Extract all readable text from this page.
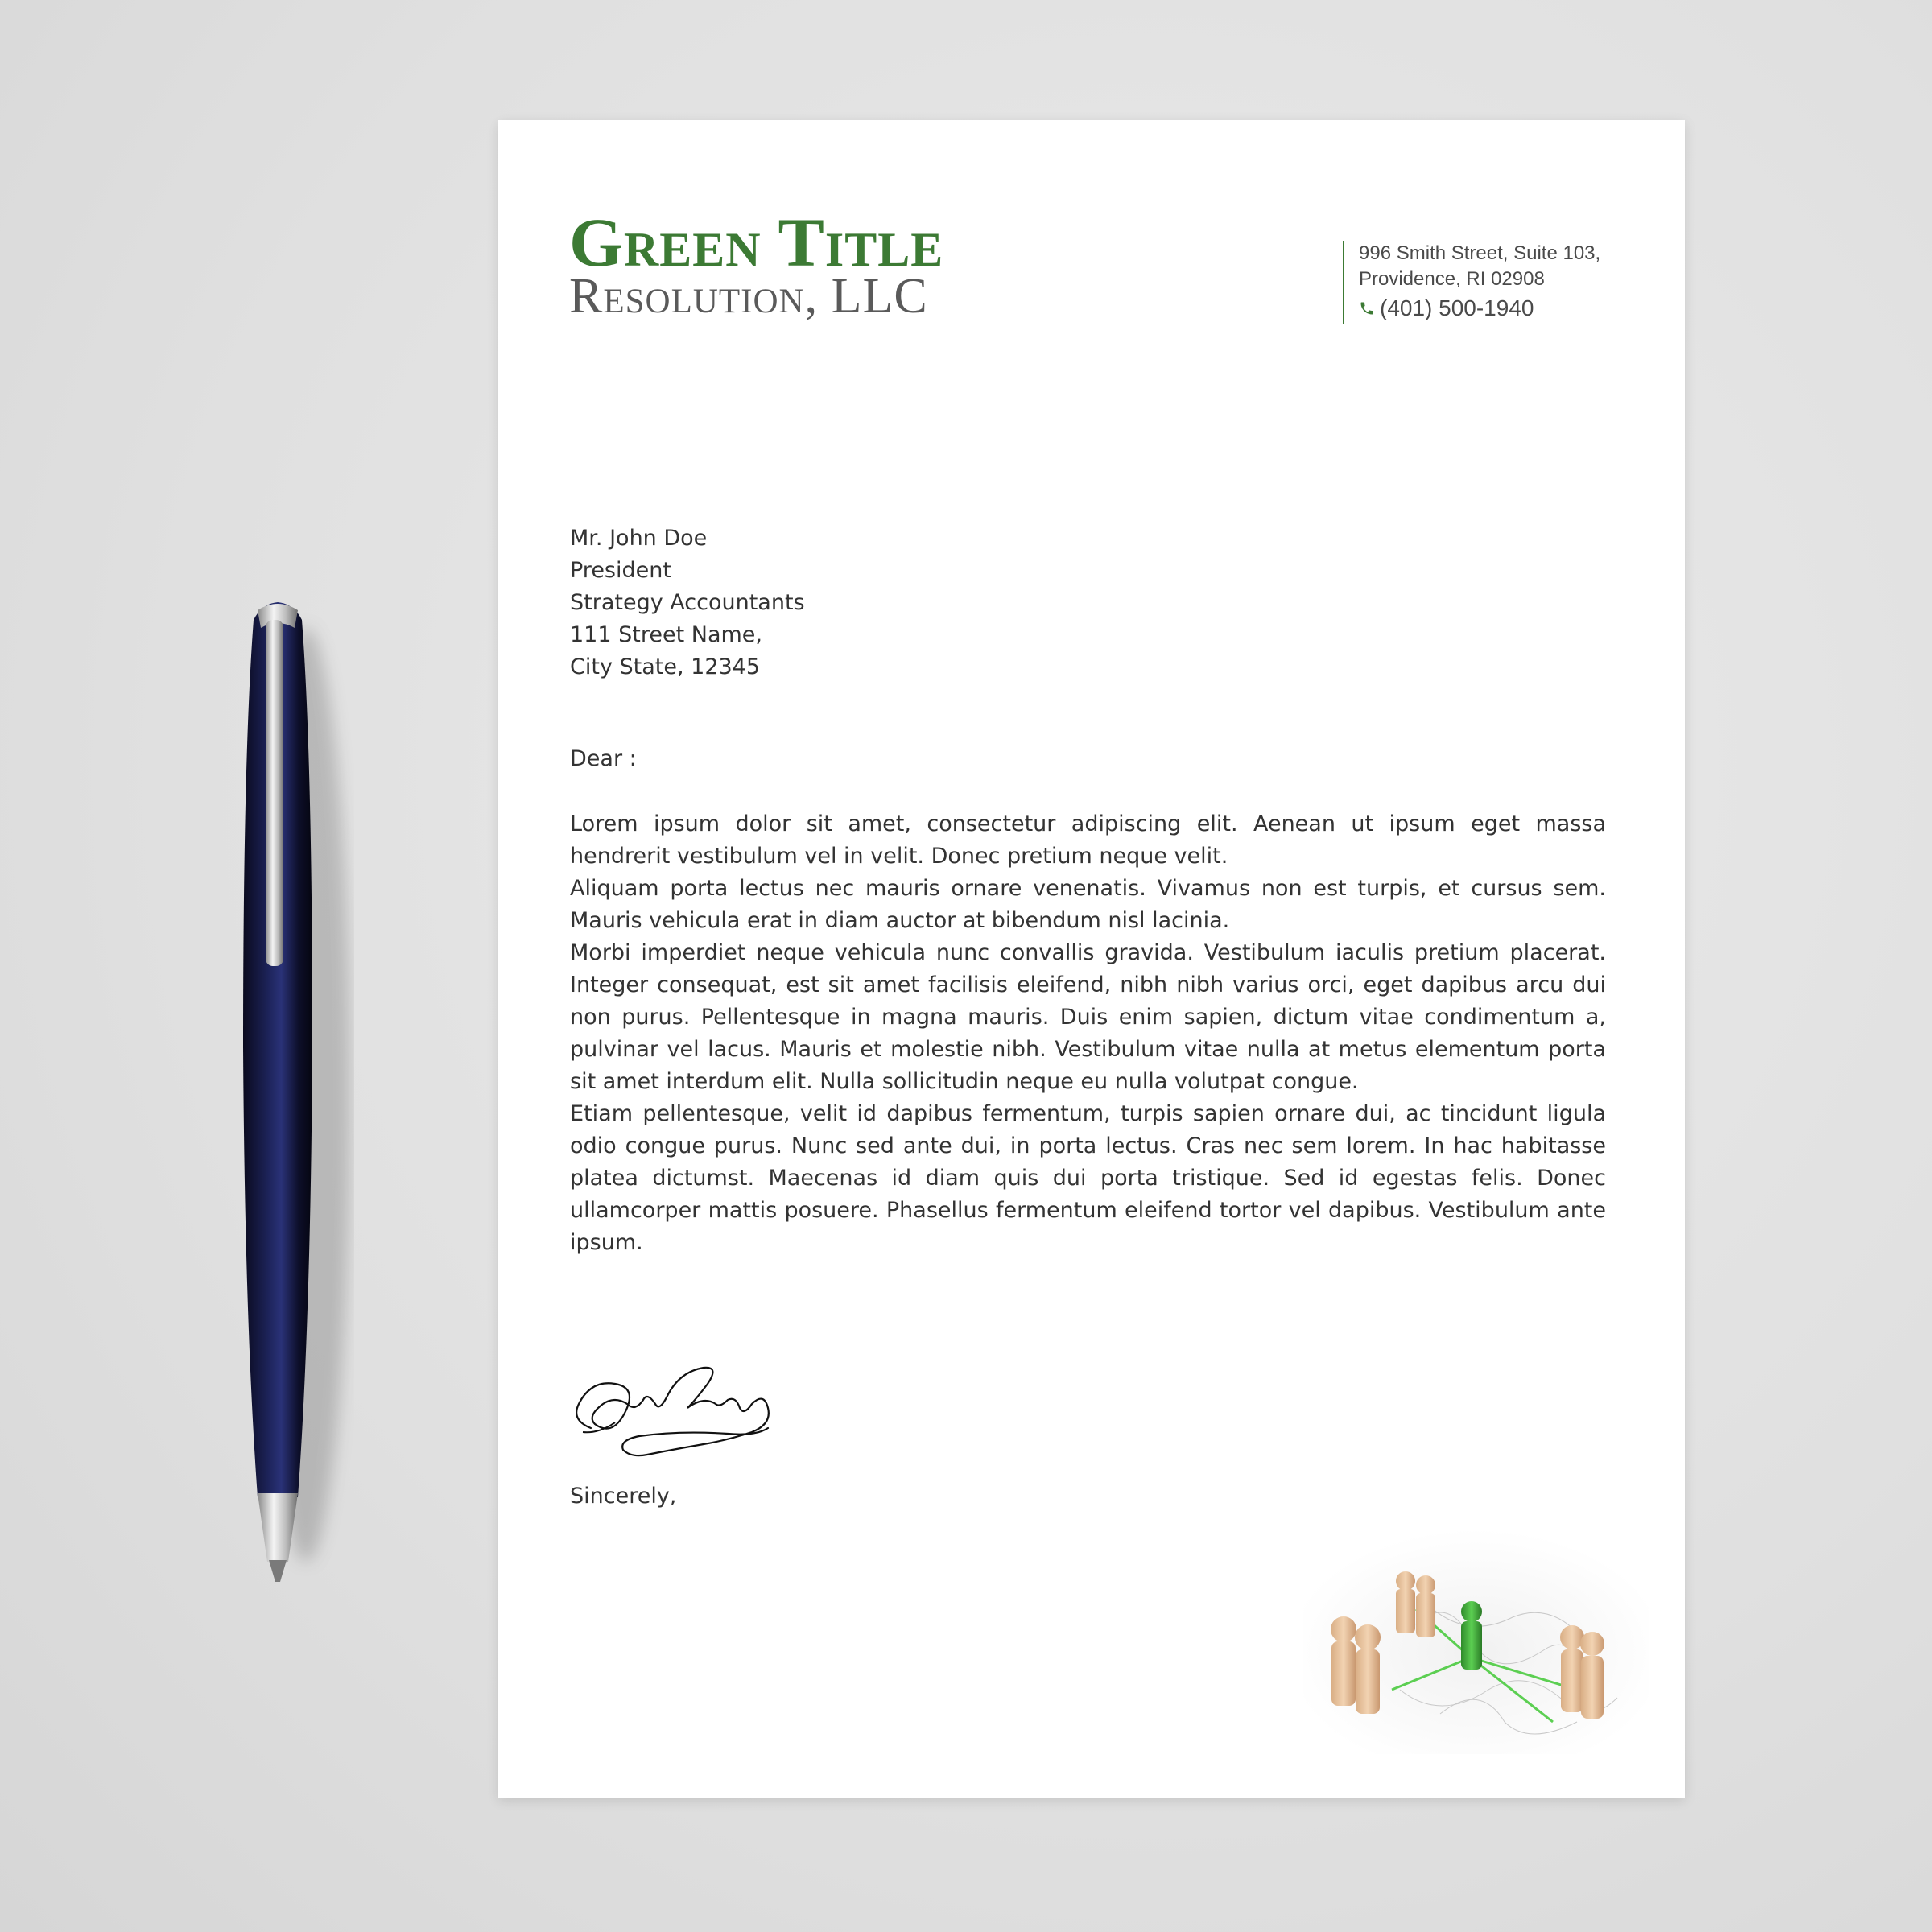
Green Title
Resolution, LLC
996 Smith Street, Suite 103,
Providence, RI 02908
(401) 500-1940
Mr. John Doe
President
Strategy Accountants
111 Street Name,
City State, 12345
Dear :

Lorem ipsum dolor sit amet, consectetur adipiscing elit. Aenean ut ipsum eget massa hendrerit vestibulum vel in velit. Donec pretium neque velit.

Aliquam porta lectus nec mauris ornare venenatis. Vivamus non est turpis, et cursus sem. Mauris vehicula erat in diam auctor at bibendum nisl lacinia.

Morbi imperdiet neque vehicula nunc convallis gravida. Vestibulum iaculis pretium placerat. Integer consequat, est sit amet facilisis eleifend, nibh nibh varius orci, eget dapibus arcu dui non purus. Pellentesque in magna mauris. Duis enim sapien, dictum vitae condimentum a, pulvinar vel lacus. Mauris et molestie nibh. Vestibulum vitae nulla at metus elementum porta sit amet interdum elit. Nulla sollicitudin neque eu nulla volutpat congue.

Etiam pellentesque, velit id dapibus fermentum, turpis sapien ornare dui, ac tincidunt ligula odio congue purus. Nunc sed ante dui, in porta lectus. Cras nec sem lorem. In hac habitasse platea dictumst. Maecenas id diam quis dui porta tristique. Sed id egestas felis. Donec ullamcorper mattis posuere. Phasellus fermentum eleifend tortor vel dapibus. Vestibulum ante ipsum.

Sincerely,
